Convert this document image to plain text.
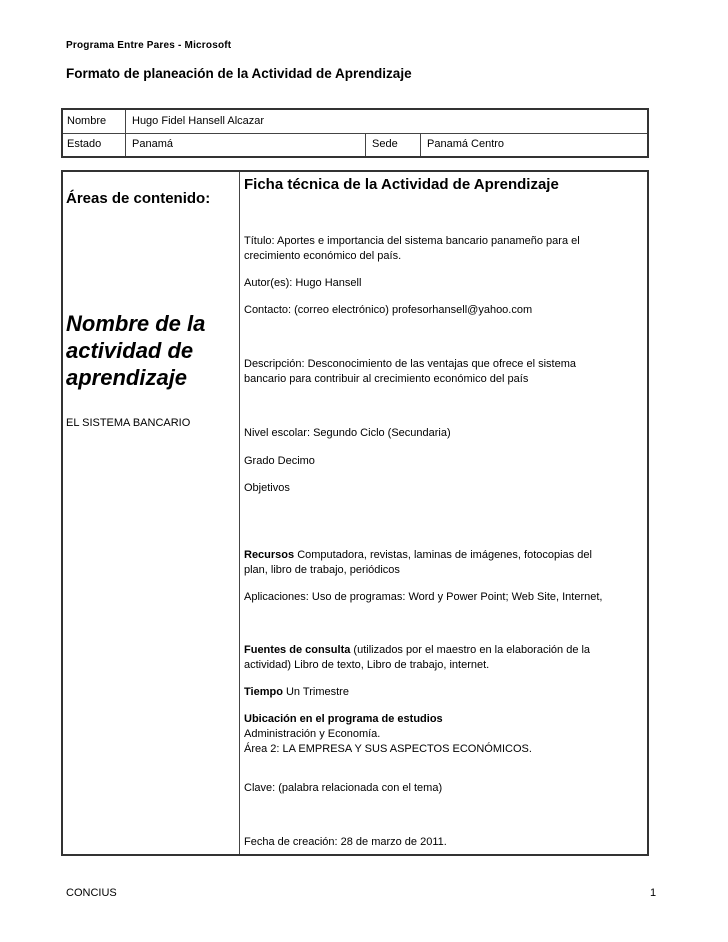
Programa Entre Pares - Microsoft
Formato de planeación de la Actividad de Aprendizaje
Nombre	Hugo Fidel Hansell Alcazar
Estado	Panamá	Sede	Panamá Centro
Áreas de contenido:
Nombre de la
actividad de
aprendizaje
EL SISTEMA BANCARIO
Ficha técnica de la Actividad de Aprendizaje
Título: Aportes e importancia del sistema bancario panameño para el
crecimiento económico del país.
Autor(es): Hugo Hansell
Contacto: (correo electrónico) profesorhansell@yahoo.com
Descripción: Desconocimiento de las ventajas que ofrece el sistema
bancario para contribuir al crecimiento económico del país
Nivel escolar: Segundo Ciclo (Secundaria)
Grado Decimo
Objetivos
Recursos Computadora, revistas, laminas de imágenes, fotocopias del
plan, libro de trabajo, periódicos
Aplicaciones: Uso de programas: Word y Power Point; Web Site, Internet,
Fuentes de consulta (utilizados por el maestro en la elaboración de la
actividad) Libro de texto, Libro de trabajo, internet.
Tiempo Un Trimestre
Ubicación en el programa de estudios
Administración y Economía.
Área 2: LA EMPRESA Y SUS ASPECTOS ECONÓMICOS.
Clave: (palabra relacionada con el tema)
Fecha de creación: 28 de marzo de 2011.
CONCIUS	1
